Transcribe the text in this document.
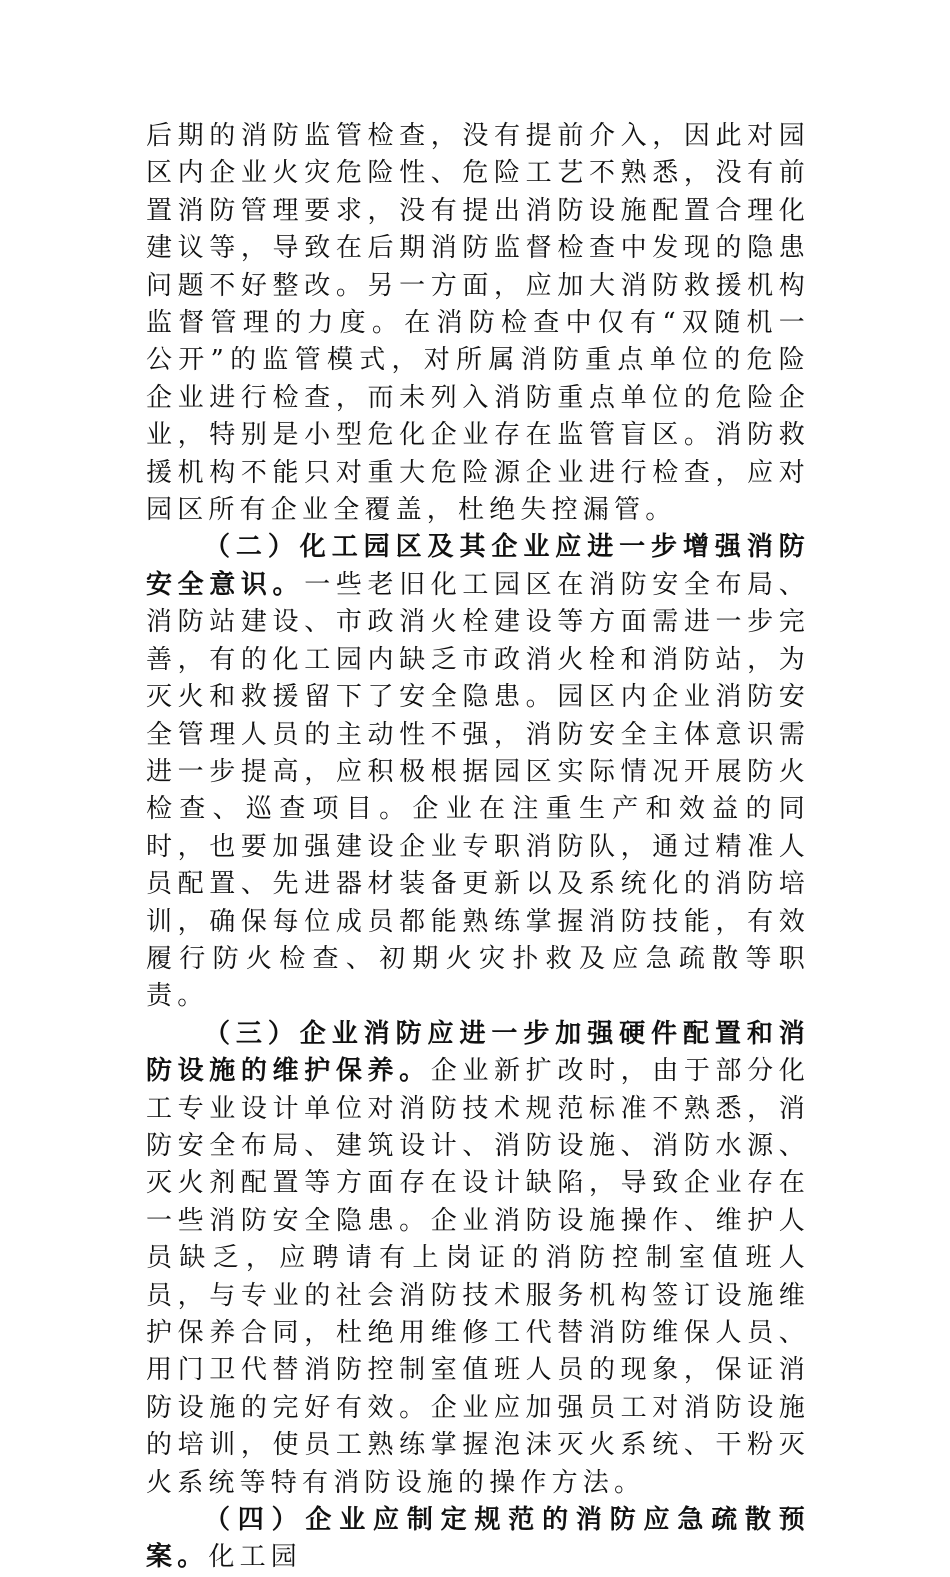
后期的消防监管检查，没有提前介入，因此对园区内企业火灾危险性、危险工艺不熟悉，没有前置消防管理要求，没有提出消防设施配置合理化建议等，导致在后期消防监督检查中发现的隐患问题不好整改。另一方面，应加大消防救援机构监督管理的力度。在消防检查中仅有“双随机一公开”的监管模式，对所属消防重点单位的危险企业进行检查，而未列入消防重点单位的危险企业，特别是小型危化企业存在监管盲区。消防救援机构不能只对重大危险源企业进行检查，应对园区所有企业全覆盖，杜绝失控漏管。

（二）化工园区及其企业应进一步增强消防安全意识。一些老旧化工园区在消防安全布局、消防站建设、市政消火栓建设等方面需进一步完善，有的化工园内缺乏市政消火栓和消防站，为灭火和救援留下了安全隐患。园区内企业消防安全管理人员的主动性不强，消防安全主体意识需进一步提高，应积极根据园区实际情况开展防火检查、巡查项目。企业在注重生产和效益的同时，也要加强建设企业专职消防队，通过精准人员配置、先进器材装备更新以及系统化的消防培训，确保每位成员都能熟练掌握消防技能，有效履行防火检查、初期火灾扑救及应急疏散等职责。

（三）企业消防应进一步加强硬件配置和消防设施的维护保养。企业新扩改时，由于部分化工专业设计单位对消防技术规范标准不熟悉，消防安全布局、建筑设计、消防设施、消防水源、灭火剂配置等方面存在设计缺陷，导致企业存在一些消防安全隐患。企业消防设施操作、维护人员缺乏，应聘请有上岗证的消防控制室值班人员，与专业的社会消防技术服务机构签订设施维护保养合同，杜绝用维修工代替消防维保人员、用门卫代替消防控制室值班人员的现象，保证消防设施的完好有效。企业应加强员工对消防设施的培训，使员工熟练掌握泡沫灭火系统、干粉灭火系统等特有消防设施的操作方法。

（四）企业应制定规范的消防应急疏散预案。化工园
